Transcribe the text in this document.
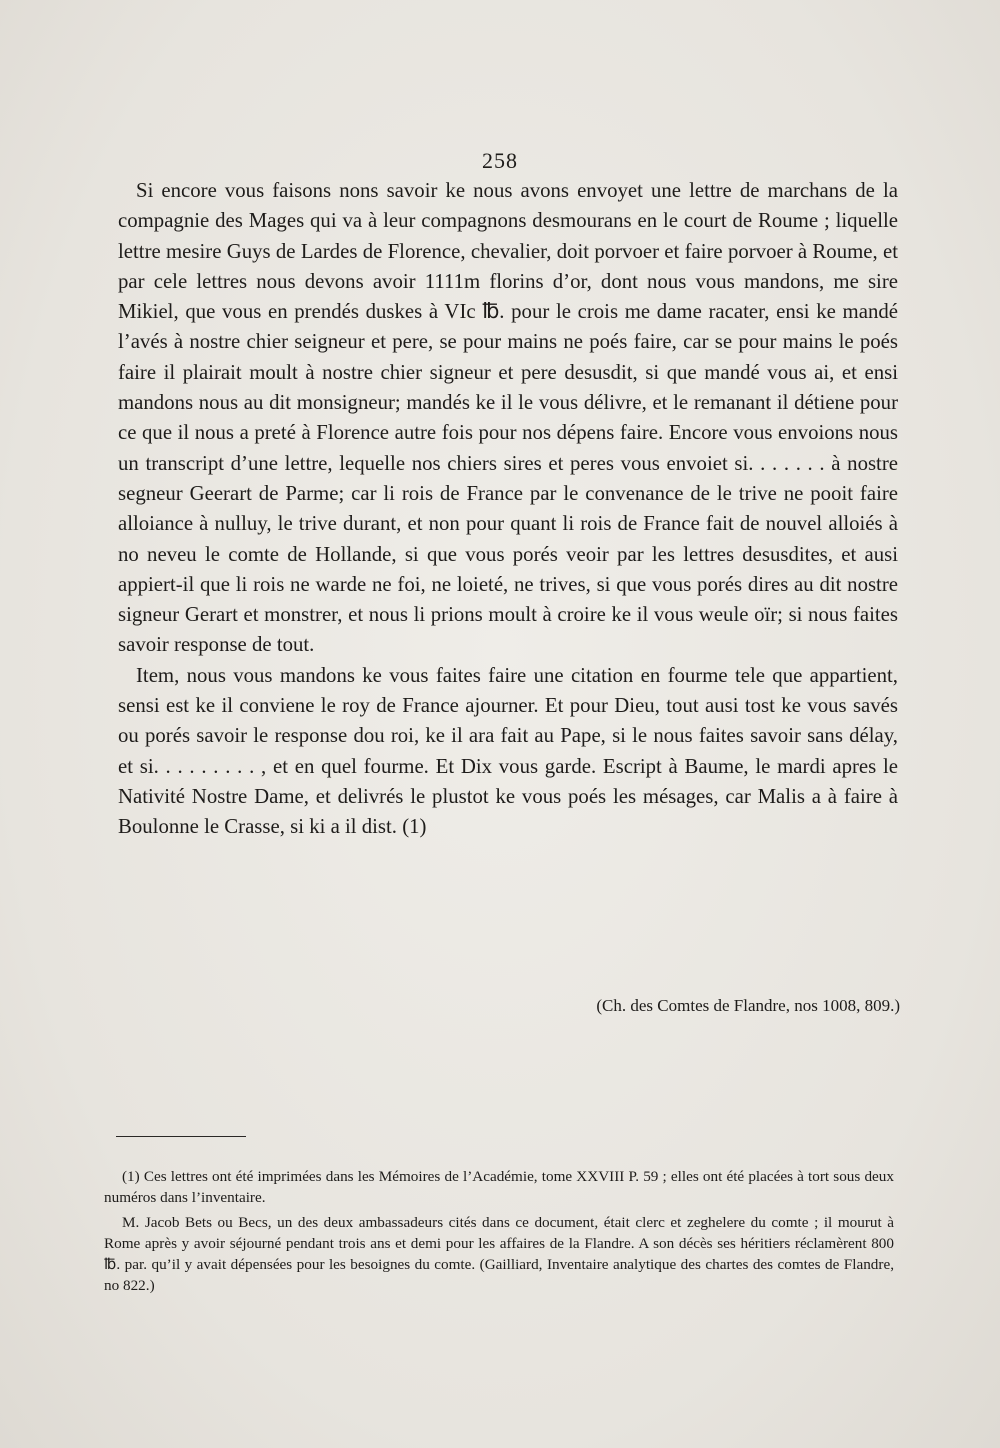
258

Si encore vous faisons nons savoir ke nous avons envoyet une lettre de marchans de la compagnie des Mages qui va à leur compagnons desmourans en le court de Roume ; liquelle lettre mesire Guys de Lardes de Florence, chevalier, doit porvoer et faire porvoer à Roume, et par cele lettres nous devons avoir 1111m florins d’or, dont nous vous mandons, me sire Mikiel, que vous en prendés duskes à VIc ℔. pour le crois me dame racater, ensi ke mandé l’avés à nostre chier seigneur et pere, se pour mains ne poés faire, car se pour mains le poés faire il plairait moult à nostre chier signeur et pere desusdit, si que mandé vous ai, et ensi mandons nous au dit monsigneur; mandés ke il le vous délivre, et le remanant il détiene pour ce que il nous a preté à Florence autre fois pour nos dépens faire. Encore vous envoions nous un transcript d’une lettre, lequelle nos chiers sires et peres vous envoiet si. . . . . . . à nostre segneur Geerart de Parme; car li rois de France par le convenance de le trive ne pooit faire alloiance à nulluy, le trive durant, et non pour quant li rois de France fait de nouvel alloiés à no neveu le comte de Hollande, si que vous porés veoir par les lettres desusdites, et ausi appiert-il que li rois ne warde ne foi, ne loieté, ne trives, si que vous porés dires au dit nostre signeur Gerart et monstrer, et nous li prions moult à croire ke il vous weule oïr; si nous faites savoir response de tout.

Item, nous vous mandons ke vous faites faire une citation en fourme tele que appartient, sensi est ke il conviene le roy de France ajourner. Et pour Dieu, tout ausi tost ke vous savés ou porés savoir le response dou roi, ke il ara fait au Pape, si le nous faites savoir sans délay, et si. . . . . . . . . , et en quel fourme. Et Dix vous garde. Escript à Baume, le mardi apres le Nativité Nostre Dame, et delivrés le plustot ke vous poés les mésages, car Malis a à faire à Boulonne le Crasse, si ki a il dist. (1)

(Ch. des Comtes de Flandre, nos 1008, 809.)

(1) Ces lettres ont été imprimées dans les Mémoires de l’Académie, tome XXVIII P. 59 ; elles ont été placées à tort sous deux numéros dans l’inventaire.

M. Jacob Bets ou Becs, un des deux ambassadeurs cités dans ce document, était clerc et zeghelere du comte ; il mourut à Rome après y avoir séjourné pendant trois ans et demi pour les affaires de la Flandre. A son décès ses héritiers réclamèrent 800 ℔. par. qu’il y avait dépensées pour les besoignes du comte. (Gailliard, Inventaire analytique des chartes des comtes de Flandre, no 822.)
